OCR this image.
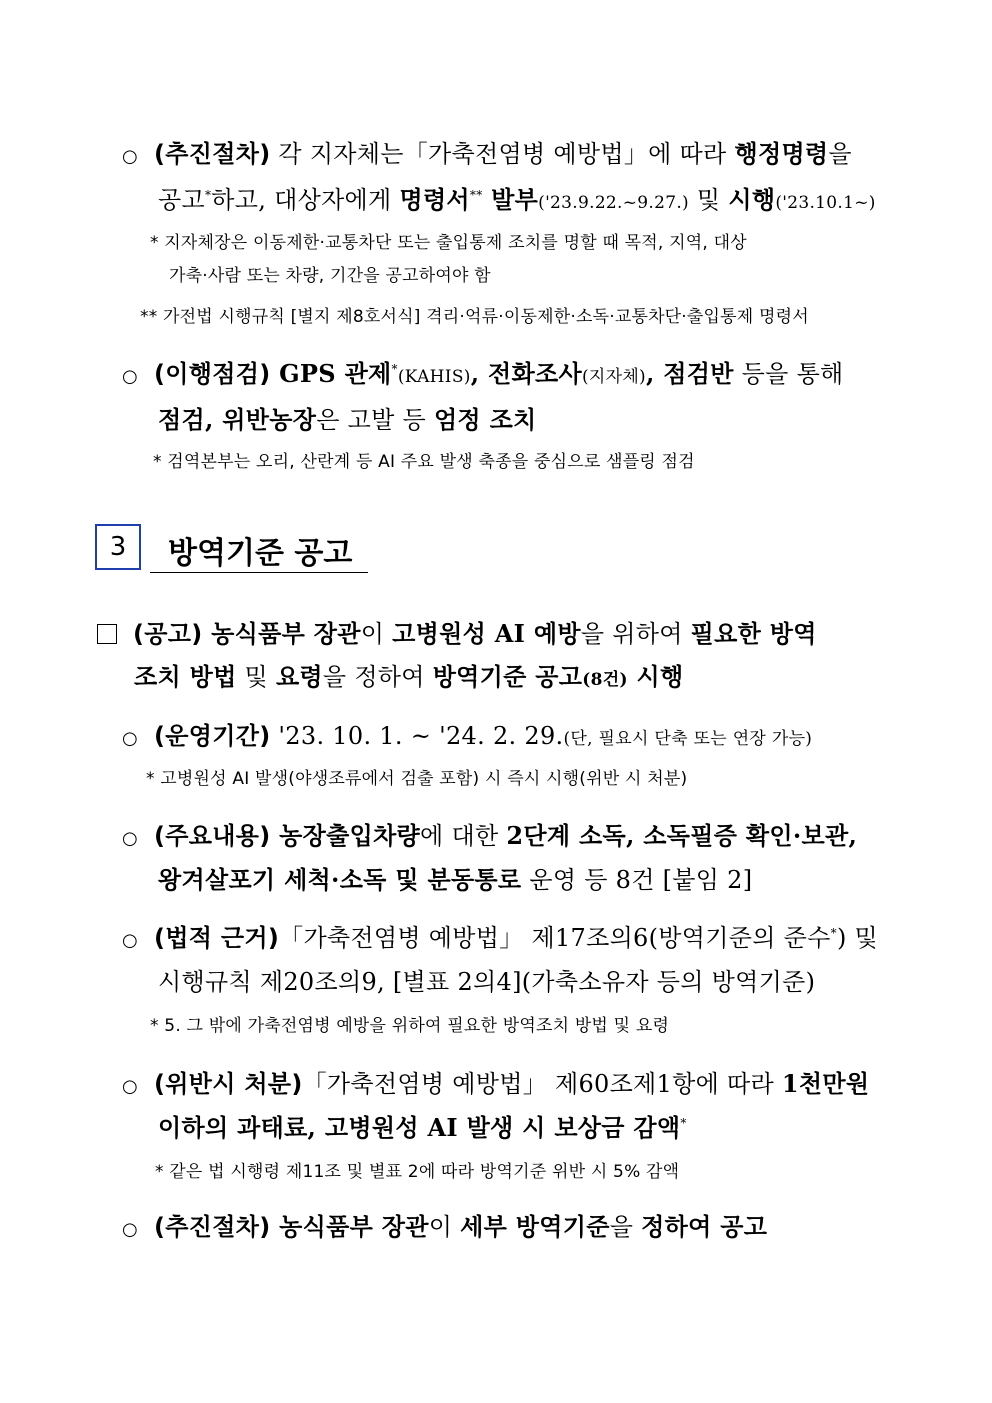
○ (추진절차) 각 지자체는「가축전염병 예방법」에 따라 행정명령을
공고*하고, 대상자에게 명령서** 발부('23.9.22.~9.27.) 및 시행('23.10.1~)
* 지자체장은 이동제한·교통차단 또는 출입통제 조치를 명할 때 목적, 지역, 대상
가축·사람 또는 차량, 기간을 공고하여야 함
** 가전법 시행규칙 [별지 제8호서식] 격리·억류·이동제한·소독·교통차단·출입통제 명령서
○ (이행점검) GPS 관제*(KAHIS), 전화조사(지자체), 점검반 등을 통해
점검, 위반농장은 고발 등 엄정 조치
* 검역본부는 오리, 산란계 등 AI 주요 발생 축종을 중심으로 샘플링 점검
3	방역기준 공고
(공고) 농식품부 장관이 고병원성 AI 예방을 위하여 필요한 방역
조치 방법 및 요령을 정하여 방역기준 공고(8건) 시행
○ (운영기간) '23. 10. 1. ~ '24. 2. 29.(단, 필요시 단축 또는 연장 가능)
* 고병원성 AI 발생(야생조류에서 검출 포함) 시 즉시 시행(위반 시 처분)
○ (주요내용) 농장출입차량에 대한 2단계 소독, 소독필증 확인·보관,
왕겨살포기 세척·소독 및 분동통로 운영 등 8건 [붙임 2]
○ (법적 근거)「가축전염병 예방법」 제17조의6(방역기준의 준수*) 및
시행규칙 제20조의9, [별표 2의4](가축소유자 등의 방역기준)
* 5. 그 밖에 가축전염병 예방을 위하여 필요한 방역조치 방법 및 요령
○ (위반시 처분)「가축전염병 예방법」 제60조제1항에 따라 1천만원
이하의 과태료, 고병원성 AI 발생 시 보상금 감액*
* 같은 법 시행령 제11조 및 별표 2에 따라 방역기준 위반 시 5% 감액
○ (추진절차) 농식품부 장관이 세부 방역기준을 정하여 공고
